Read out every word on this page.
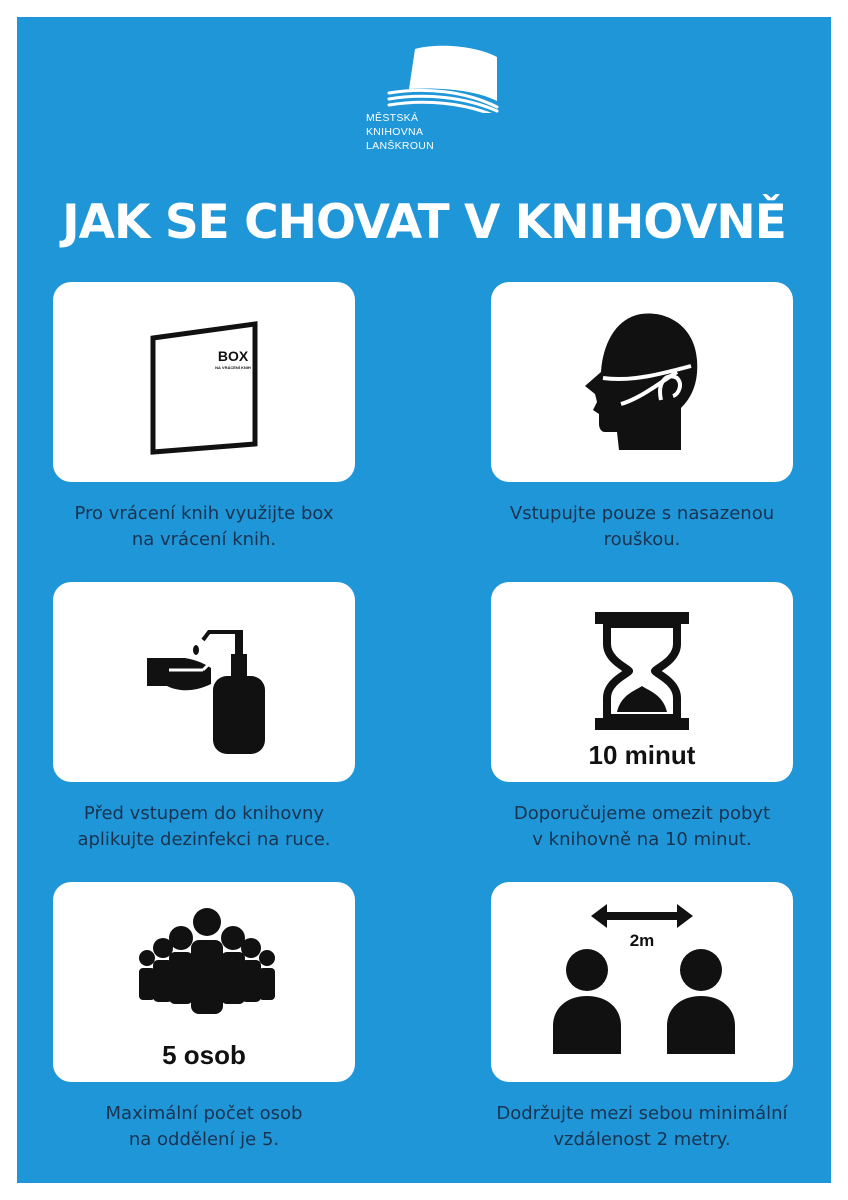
MĚSTSKÁ
KNIHOVNA
LANŠKROUN
JAK SE CHOVAT V KNIHOVNĚ
BOX
NA VRÁCENÍ KNIH
Pro vrácení knih využijte box
na vrácení knih.
Vstupujte pouze s nasazenou
rouškou.
Před vstupem do knihovny
aplikujte dezinfekci na ruce.
10 minut
Doporučujeme omezit pobyt
v knihovně na 10 minut.
5 osob
Maximální počet osob
na oddělení je 5.
2m
Dodržujte mezi sebou minimální
vzdálenost 2 metry.
